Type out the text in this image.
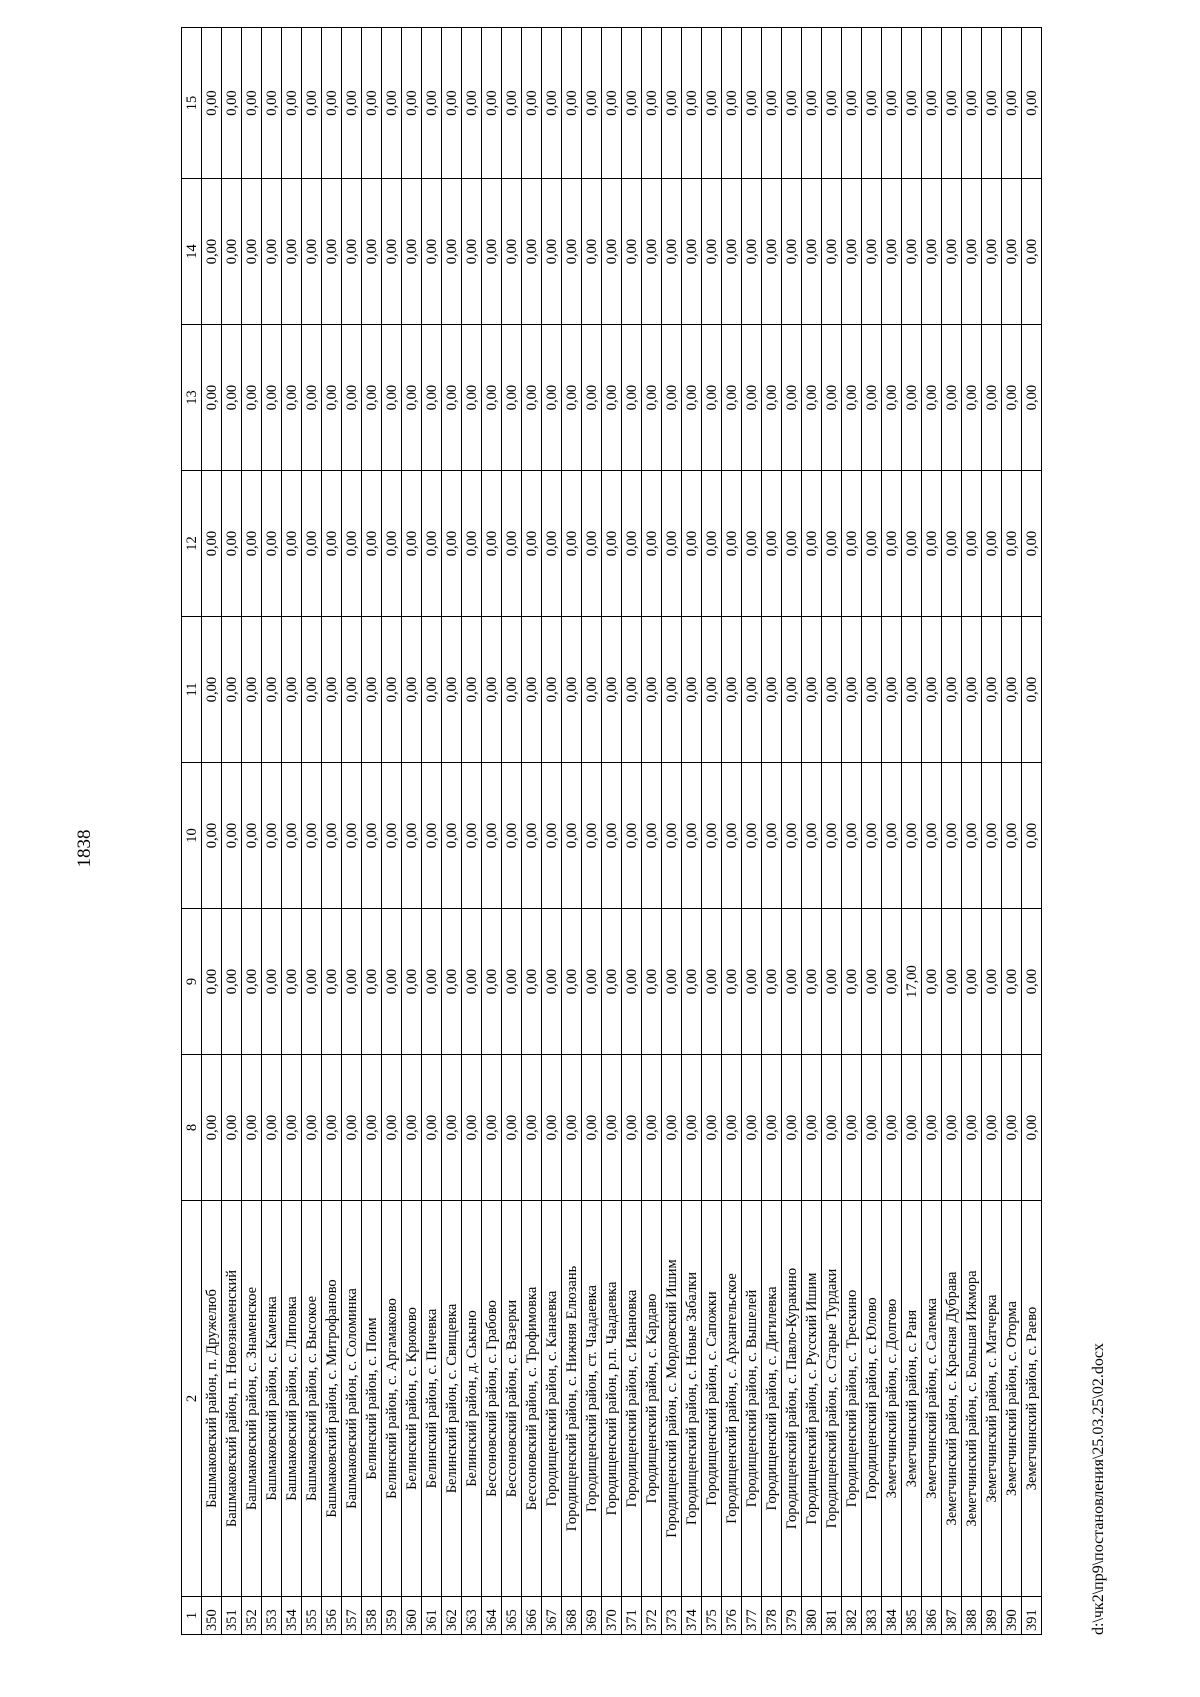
1838
1	2	8	9	10	11	12	13	14	15
350	Башмаковский район, п. Дружелюб	0,00	0,00	0,00	0,00	0,00	0,00	0,00	0,00
351	Башмаковский район, п. Новознаменский	0,00	0,00	0,00	0,00	0,00	0,00	0,00	0,00
352	Башмаковский район, с. Знаменское	0,00	0,00	0,00	0,00	0,00	0,00	0,00	0,00
353	Башмаковский район, с. Каменка	0,00	0,00	0,00	0,00	0,00	0,00	0,00	0,00
354	Башмаковский район, с. Липовка	0,00	0,00	0,00	0,00	0,00	0,00	0,00	0,00
355	Башмаковский район, с. Высокое	0,00	0,00	0,00	0,00	0,00	0,00	0,00	0,00
356	Башмаковский район, с. Митрофаново	0,00	0,00	0,00	0,00	0,00	0,00	0,00	0,00
357	Башмаковский район, с. Соломинка	0,00	0,00	0,00	0,00	0,00	0,00	0,00	0,00
358	Белинский район, с. Поим	0,00	0,00	0,00	0,00	0,00	0,00	0,00	0,00
359	Белинский район, с. Аргамаково	0,00	0,00	0,00	0,00	0,00	0,00	0,00	0,00
360	Белинский район, с. Крюково	0,00	0,00	0,00	0,00	0,00	0,00	0,00	0,00
361	Белинский район, с. Пичевка	0,00	0,00	0,00	0,00	0,00	0,00	0,00	0,00
362	Белинский район, с. Свищевка	0,00	0,00	0,00	0,00	0,00	0,00	0,00	0,00
363	Белинский район, д. Ськыно	0,00	0,00	0,00	0,00	0,00	0,00	0,00	0,00
364	Бессоновский район, с. Грабово	0,00	0,00	0,00	0,00	0,00	0,00	0,00	0,00
365	Бессоновский район, с. Вазерки	0,00	0,00	0,00	0,00	0,00	0,00	0,00	0,00
366	Бессоновский район, с. Трофимовка	0,00	0,00	0,00	0,00	0,00	0,00	0,00	0,00
367	Городищенский район, с. Канаевка	0,00	0,00	0,00	0,00	0,00	0,00	0,00	0,00
368	Городищенский район, с. Нижняя Елюзань	0,00	0,00	0,00	0,00	0,00	0,00	0,00	0,00
369	Городищенский район, ст. Чаадаевка	0,00	0,00	0,00	0,00	0,00	0,00	0,00	0,00
370	Городищенский район, р.п. Чаадаевка	0,00	0,00	0,00	0,00	0,00	0,00	0,00	0,00
371	Городищенский район, с. Ивановка	0,00	0,00	0,00	0,00	0,00	0,00	0,00	0,00
372	Городищенский район, с. Кардаво	0,00	0,00	0,00	0,00	0,00	0,00	0,00	0,00
373	Городищенский район, с. Мордовский Ишим	0,00	0,00	0,00	0,00	0,00	0,00	0,00	0,00
374	Городищенский район, с. Новые Забалки	0,00	0,00	0,00	0,00	0,00	0,00	0,00	0,00
375	Городищенский район, с. Сапожки	0,00	0,00	0,00	0,00	0,00	0,00	0,00	0,00
376	Городищенский район, с. Архангельское	0,00	0,00	0,00	0,00	0,00	0,00	0,00	0,00
377	Городищенский район, с. Вышелей	0,00	0,00	0,00	0,00	0,00	0,00	0,00	0,00
378	Городищенский район, с. Дигилевка	0,00	0,00	0,00	0,00	0,00	0,00	0,00	0,00
379	Городищенский район, с. Павло-Куракино	0,00	0,00	0,00	0,00	0,00	0,00	0,00	0,00
380	Городищенский район, с. Русский Ишим	0,00	0,00	0,00	0,00	0,00	0,00	0,00	0,00
381	Городищенский район, с. Старые Турдаки	0,00	0,00	0,00	0,00	0,00	0,00	0,00	0,00
382	Городищенский район, с. Трескино	0,00	0,00	0,00	0,00	0,00	0,00	0,00	0,00
383	Городищенский район, с. Юлово	0,00	0,00	0,00	0,00	0,00	0,00	0,00	0,00
384	Земетчинский район, с. Долгово	0,00	0,00	0,00	0,00	0,00	0,00	0,00	0,00
385	Земетчинский район, с. Раня	0,00	17,00	0,00	0,00	0,00	0,00	0,00	0,00
386	Земетчинский район, с. Салемка	0,00	0,00	0,00	0,00	0,00	0,00	0,00	0,00
387	Земетчинский район, с. Красная Дубрава	0,00	0,00	0,00	0,00	0,00	0,00	0,00	0,00
388	Земетчинский район, с. Большая Ижмора	0,00	0,00	0,00	0,00	0,00	0,00	0,00	0,00
389	Земетчинский район, с. Матчерка	0,00	0,00	0,00	0,00	0,00	0,00	0,00	0,00
390	Земетчинский район, с. Оторма	0,00	0,00	0,00	0,00	0,00	0,00	0,00	0,00
391	Земетчинский район, с. Раево	0,00	0,00	0,00	0,00	0,00	0,00	0,00	0,00
d:\чк2\пр9\постановления\25.03.25\02.docx
